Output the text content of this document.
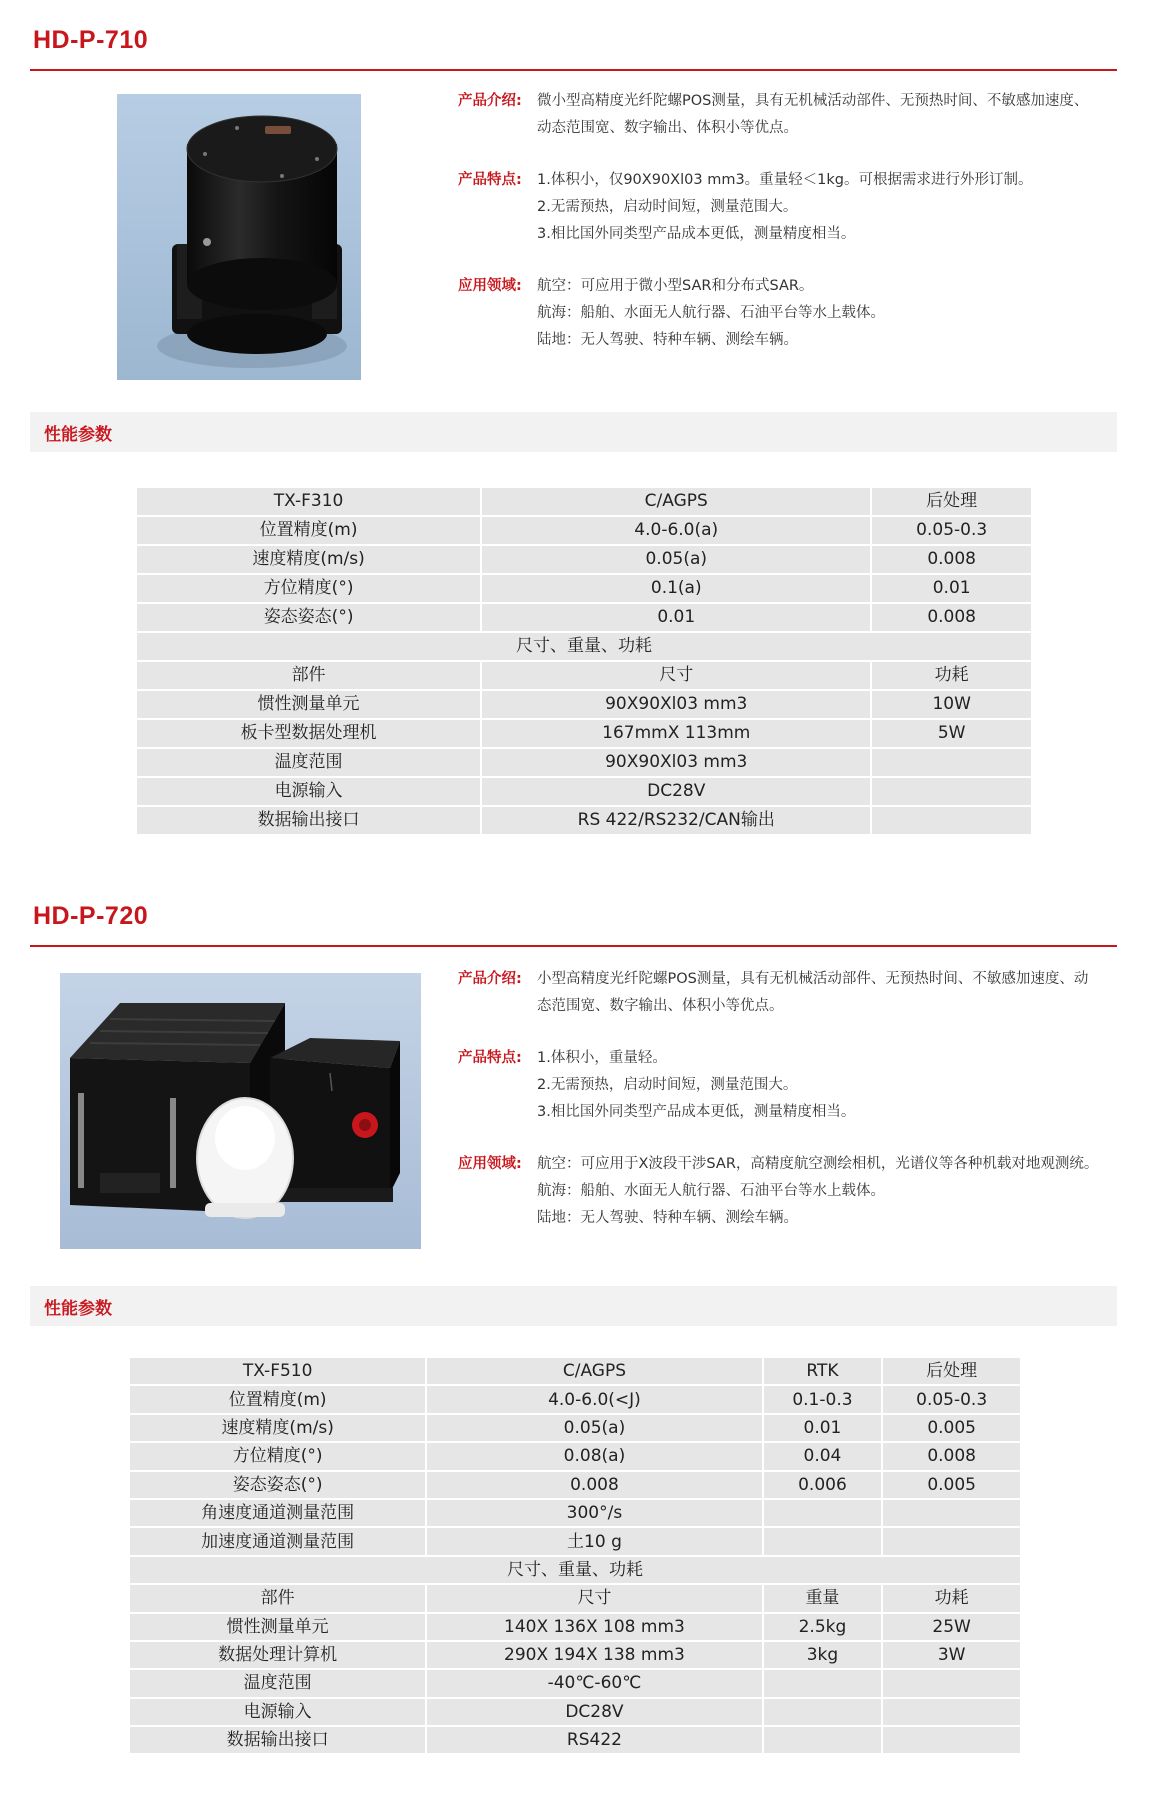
HD-P-710
产品介绍: 微小型高精度光纤陀螺POS测量，具有无机械活动部件、无预热时间、不敏感加速度、
动态范围宽、数字输出、体积小等优点。
产品特点: 1.体积小，仅90X90Xl03 mm3。重量轻＜1kg。可根据需求进行外形订制。
2.无需预热，启动时间短，测量范围大。
3.相比国外同类型产品成本更低，测量精度相当。
应用领域: 航空：可应用于微小型SAR和分布式SAR。
航海：船舶、水面无人航行器、石油平台等水上载体。
陆地：无人驾驶、特种车辆、测绘车辆。
性能参数
TX-F310	C/AGPS	后处理
位置精度(m)	4.0-6.0(a)	0.05-0.3
速度精度(m/s)	0.05(a)	0.008
方位精度(°)	0.1(a)	0.01
姿态姿态(°)	0.01	0.008
尺寸、重量、功耗		
部件	尺寸	功耗
惯性测量单元	90X90Xl03 mm3	10W
板卡型数据处理机	167mmX 113mm	5W
温度范围	90X90Xl03 mm3	
电源输入	DC28V	
数据输出接口	RS 422/RS232/CAN输出	
HD-P-720
产品介绍: 小型高精度光纤陀螺POS测量，具有无机械活动部件、无预热时间、不敏感加速度、动
态范围宽、数字输出、体积小等优点。
产品特点: 1.体积小，重量轻。
2.无需预热，启动时间短，测量范围大。
3.相比国外同类型产品成本更低，测量精度相当。
应用领域: 航空：可应用于X波段干涉SAR，高精度航空测绘相机，光谱仪等各种机载对地观测统。
航海：船舶、水面无人航行器、石油平台等水上载体。
陆地：无人驾驶、特种车辆、测绘车辆。
性能参数
TX-F510	C/AGPS	RTK	后处理
位置精度(m)	4.0-6.0(<J)	0.1-0.3	0.05-0.3
速度精度(m/s)	0.05(a)	0.01	0.005
方位精度(°)	0.08(a)	0.04	0.008
姿态姿态(°)	0.008	0.006	0.005
角速度通道测量范围	300°/s		
加速度通道测量范围	土10 g		
尺寸、重量、功耗			
部件	尺寸	重量	功耗
惯性测量单元	140X 136X 108 mm3	2.5kg	25W
数据处理计算机	290X 194X 138 mm3	3kg	3W
温度范围	-40℃-60℃		
电源输入	DC28V		
数据输出接口	RS422		
